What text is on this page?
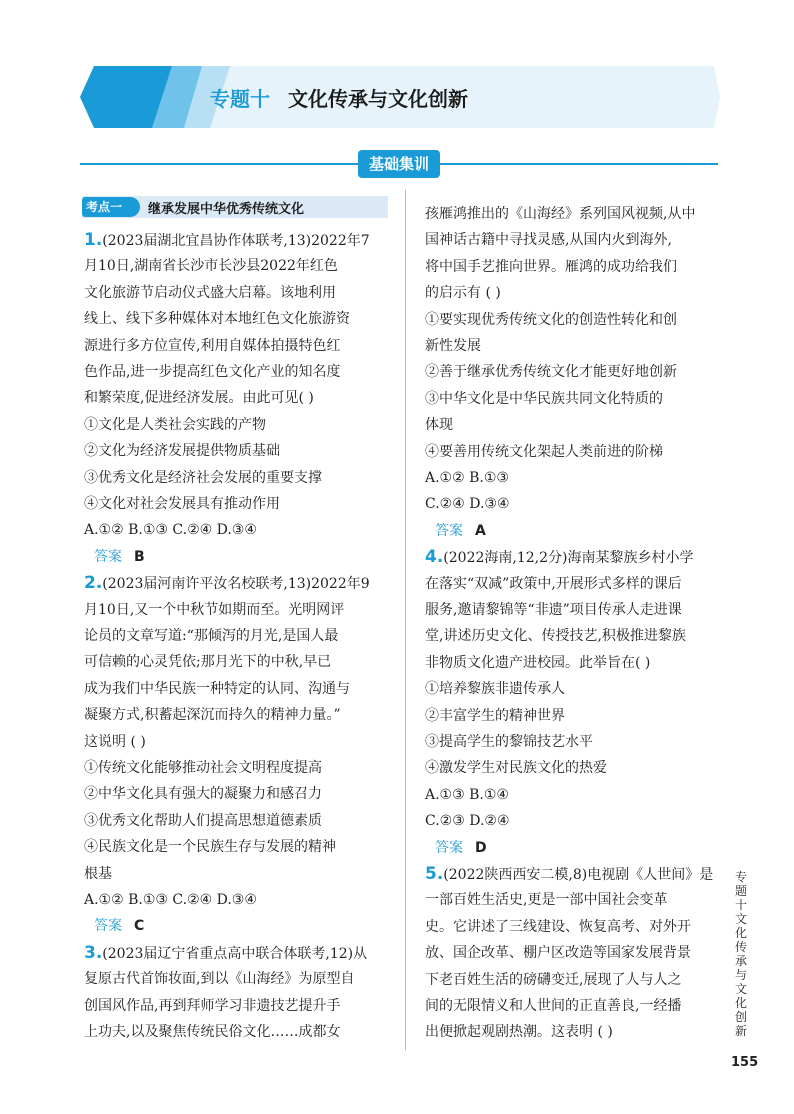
专题十 文化传承与文化创新
基础集训
考点一	继承发展中华优秀传统文化
1.(2023届湖北宜昌协作体联考,13)2022年7
月10日,湖南省长沙市长沙县2022年红色
文化旅游节启动仪式盛大启幕。该地利用
线上、线下多种媒体对本地红色文化旅游资
源进行多方位宣传,利用自媒体拍摄特色红
色作品,进一步提高红色文化产业的知名度
和繁荣度,促进经济发展。由此可见( )
①文化是人类社会实践的产物
②文化为经济发展提供物质基础
③优秀文化是经济社会发展的重要支撑
④文化对社会发展具有推动作用
A.①② B.①③ C.②④ D.③④
答案 B
2.(2023届河南许平汝名校联考,13)2022年9
月10日,又一个中秋节如期而至。光明网评
论员的文章写道:“那倾泻的月光,是国人最
可信赖的心灵凭依;那月光下的中秋,早已
成为我们中华民族一种特定的认同、沟通与
凝聚方式,积蓄起深沉而持久的精神力量。”
这说明 ( )
①传统文化能够推动社会文明程度提高
②中华文化具有强大的凝聚力和感召力
③优秀文化帮助人们提高思想道德素质
④民族文化是一个民族生存与发展的精神
根基
A.①② B.①③ C.②④ D.③④
答案 C
3.(2023届辽宁省重点高中联合体联考,12)从
复原古代首饰妆面,到以《山海经》为原型自
创国风作品,再到拜师学习非遗技艺提升手
上功夫,以及聚焦传统民俗文化……成都女
孩雁鸿推出的《山海经》系列国风视频,从中
国神话古籍中寻找灵感,从国内火到海外,
将中国手艺推向世界。雁鸿的成功给我们
的启示有 ( )
①要实现优秀传统文化的创造性转化和创
新性发展
②善于继承优秀传统文化才能更好地创新
③中华文化是中华民族共同文化特质的
体现
④要善用传统文化架起人类前进的阶梯
A.①② B.①③
C.②④ D.③④
答案 A
4.(2022海南,12,2分)海南某黎族乡村小学
在落实“双减”政策中,开展形式多样的课后
服务,邀请黎锦等“非遗”项目传承人走进课
堂,讲述历史文化、传授技艺,积极推进黎族
非物质文化遗产进校园。此举旨在( )
①培养黎族非遗传承人
②丰富学生的精神世界
③提高学生的黎锦技艺水平
④激发学生对民族文化的热爱
A.①③ B.①④
C.②③ D.②④
答案 D
5.(2022陕西西安二模,8)电视剧《人世间》是
一部百姓生活史,更是一部中国社会变革
史。它讲述了三线建设、恢复高考、对外开
放、国企改革、棚户区改造等国家发展背景
下老百姓生活的磅礴变迁,展现了人与人之
间的无限情义和人世间的正直善良,一经播
出便掀起观剧热潮。这表明 ( )
专题十 文化传承与文化创新
155
